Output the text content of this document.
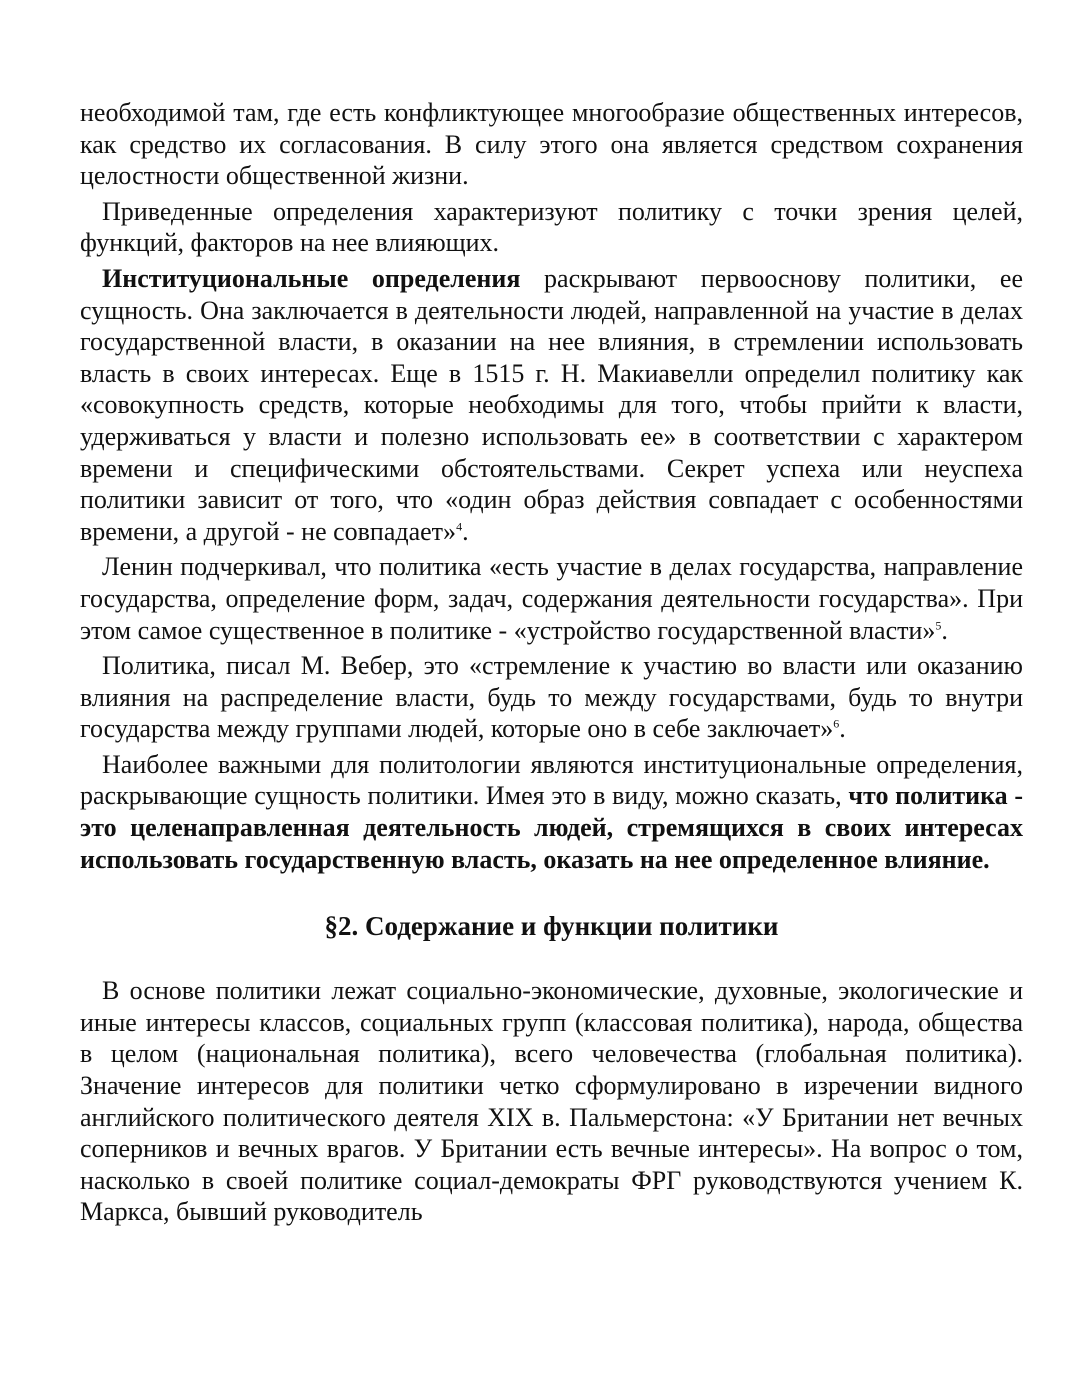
необходимой там, где есть конфликтующее многообразие общественных интересов, как средство их согласования. В силу этого она является средством сохранения целостности общественной жизни.

Приведенные определения характеризуют политику с точки зрения целей, функций, факторов на нее влияющих.

Институциональные определения раскрывают первооснову политики, ее сущность. Она заключается в деятельности людей, направленной на участие в делах государственной власти, в оказании на нее влияния, в стремлении использовать власть в своих интересах. Еще в 1515 г. Н. Макиавелли определил политику как «совокупность средств, которые необходимы для того, чтобы прийти к власти, удерживаться у власти и полезно использовать ее» в соответствии с характером времени и специфическими обстоятельствами. Секрет успеха или неуспеха политики зависит от того, что «один образ действия совпадает с особенностями времени, а другой - не совпадает»$^4$.

Ленин подчеркивал, что политика «есть участие в делах государства, направление государства, определение форм, задач, содержания деятельности государства». При этом самое существенное в политике - «устройство государственной власти»$^5$.

Политика, писал М. Вебер, это «стремление к участию во власти или оказанию влияния на распределение власти, будь то между государствами, будь то внутри государства между группами людей, которые оно в себе заключает»$^6$.

Наиболее важными для политологии являются институциональные определения, раскрывающие сущность политики. Имея это в виду, можно сказать, что политика - это целенаправленная деятельность людей, стремящихся в своих интересах использовать государственную власть, оказать на нее определенное влияние.

§2. Содержание и функции политики

В основе политики лежат социально-экономические, духовные, экологические и иные интересы классов, социальных групп (классовая политика), народа, общества в целом (национальная политика), всего человечества (глобальная политика). Значение интересов для политики четко сформулировано в изречении видного английского политического деятеля XIX в. Пальмерстона: «У Британии нет вечных соперников и вечных врагов. У Британии есть вечные интересы». На вопрос о том, насколько в своей политике социал-демократы ФРГ руководствуются учением К. Маркса, бывший руководитель
